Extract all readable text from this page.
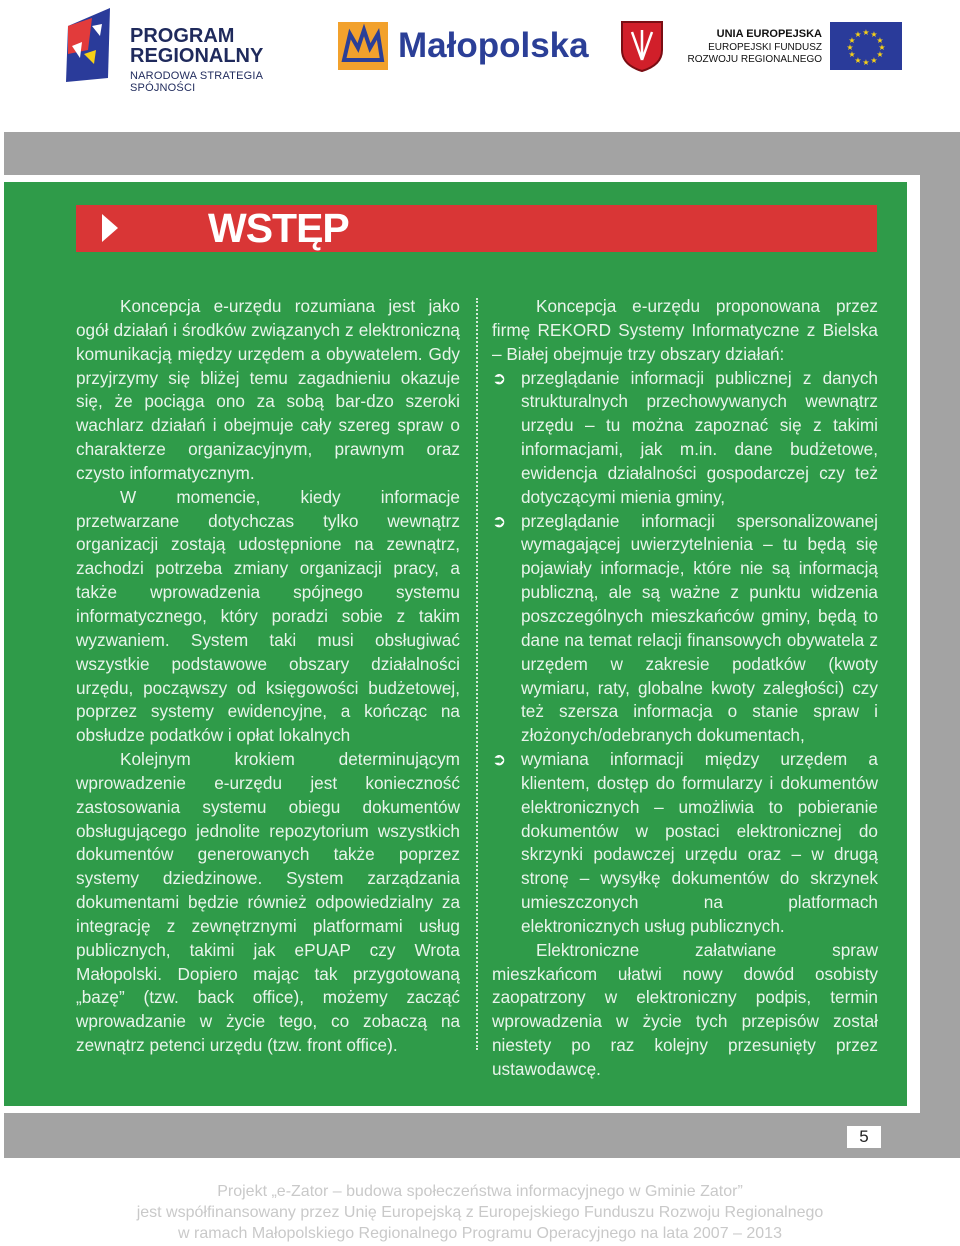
PROGRAM
REGIONALNY
NARODOWA STRATEGIA SPÓJNOŚCI
Małopolska	UNIA EUROPEJSKA
EUROPEJSKI FUNDUSZ
ROZWOJU REGIONALNEGO
★ ★
★
★
★
★
★
★
★
★
★
★
WSTĘP

Koncepcja e-urzędu rozumiana jest jako ogół działań i środków związanych z elektroniczną komunikacją między urzędem a obywatelem. Gdy przyjrzymy się bliżej temu zagadnieniu okazuje się, że pociąga ono za sobą bar-dzo szeroki wachlarz działań i obejmuje cały szereg spraw o charakterze organizacyjnym, prawnym oraz czysto informatycznym.

W momencie, kiedy informacje przetwarzane dotychczas tylko wewnątrz organizacji zostają udostępnione na zewnątrz, zachodzi potrzeba zmiany organizacji pracy, a także wprowadzenia spójnego systemu informatycznego, który poradzi sobie z takim wyzwaniem. System taki musi obsługiwać wszystkie podstawowe obszary działalności urzędu, począwszy od księgowości budżetowej, poprzez systemy ewidencyjne, a kończąc na obsłudze podatków i opłat lokalnych

Kolejnym krokiem determinującym wprowadzenie e-urzędu jest konieczność zastosowania systemu obiegu dokumentów obsługującego jednolite repozytorium wszystkich dokumentów generowanych także poprzez systemy dziedzinowe. System zarządzania dokumentami będzie również odpowiedzialny za integrację z zewnętrznymi platformami usług publicznych, takimi jak ePUAP czy Wrota Małopolski. Dopiero mając tak przygotowaną „bazę” (tzw. back office), możemy zacząć wprowadzanie w życie tego, co zobaczą na zewnątrz petenci urzędu (tzw. front office).

Koncepcja e-urzędu proponowana przez firmę REKORD Systemy Informatyczne z Bielska – Białej obejmuje trzy obszary działań:

➲ przeglądanie informacji publicznej z danych strukturalnych przechowywanych wewnątrz urzędu – tu można zapoznać się z takimi informacjami, jak m.in. dane budżetowe, ewidencja działalności gospodarczej czy też dotyczącymi mienia gminy,
➲ przeglądanie informacji spersonalizowanej wymagającej uwierzytelnienia – tu będą się pojawiały informacje, które nie są informacją publiczną, ale są ważne z punktu widzenia poszczególnych mieszkańców gminy, będą to dane na temat relacji finansowych obywatela z urzędem w zakresie podatków (kwoty wymiaru, raty, globalne kwoty zaległości) czy też szersza informacja o stanie spraw i złożonych/odebranych dokumentach,
➲ wymiana informacji między urzędem a klientem, dostęp do formularzy i dokumentów elektronicznych – umożliwia to pobieranie dokumentów w postaci elektronicznej do skrzynki podawczej urzędu oraz – w drugą stronę – wysyłkę dokumentów do skrzynek umieszczonych na platformach elektronicznych usług publicznych.

Elektroniczne załatwiane spraw mieszkańcom ułatwi nowy dowód osobisty zaopatrzony w elektroniczny podpis, termin wprowadzenia w życie tych przepisów został niestety po raz kolejny przesunięty przez ustawodawcę.

5
Projekt „e-Zator – budowa społeczeństwa informacyjnego w Gminie Zator”
jest współfinansowany przez Unię Europejską z Europejskiego Funduszu Rozwoju Regionalnego
w ramach Małopolskiego Regionalnego Programu Operacyjnego na lata 2007 – 2013
